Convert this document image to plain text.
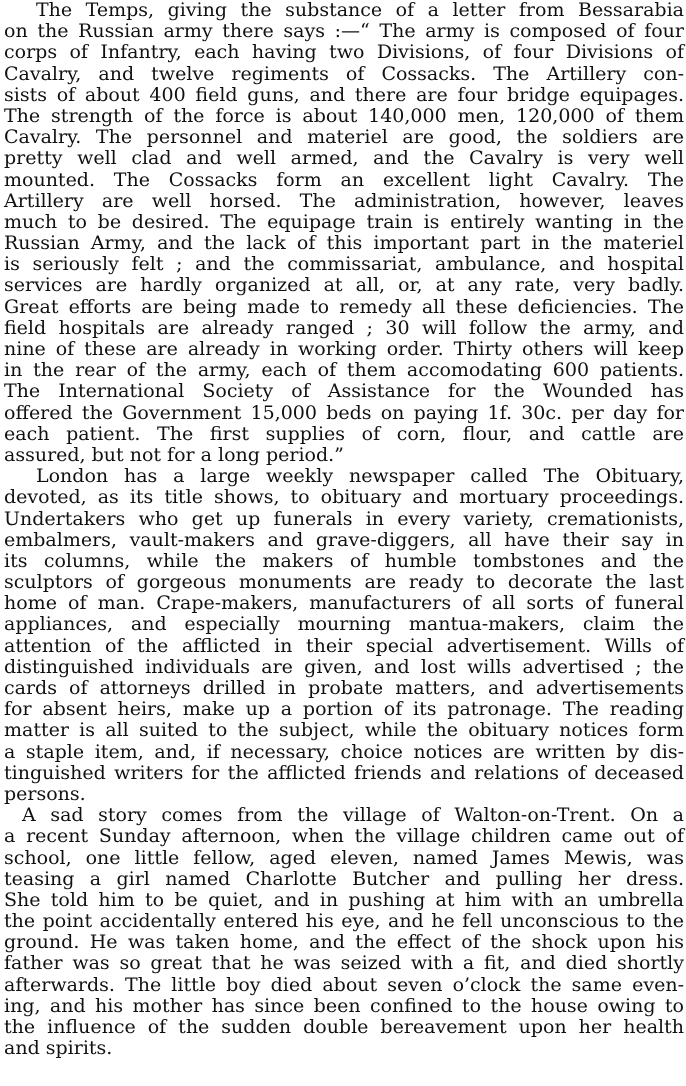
The Temps, giving the substance of a letter from Bessarabia
on the Russian army there says :—“ The army is composed of four
corps of Infantry, each having two Divisions, of four Divisions of
Cavalry, and twelve regiments of Cossacks. The Artillery con-
sists of about 400 field guns, and there are four bridge equipages.
The strength of the force is about 140,000 men, 120,000 of them
Cavalry. The personnel and materiel are good, the soldiers are
pretty well clad and well armed, and the Cavalry is very well
mounted. The Cossacks form an excellent light Cavalry. The
Artillery are well horsed. The administration, however, leaves
much to be desired. The equipage train is entirely wanting in the
Russian Army, and the lack of this important part in the materiel
is seriously felt ; and the commissariat, ambulance, and hospital
services are hardly organized at all, or, at any rate, very badly.
Great efforts are being made to remedy all these deficiencies. The
field hospitals are already ranged ; 30 will follow the army, and
nine of these are already in working order. Thirty others will keep
in the rear of the army, each of them accomodating 600 patients.
The International Society of Assistance for the Wounded has
offered the Government 15,000 beds on paying 1f. 30c. per day for
each patient. The first supplies of corn, flour, and cattle are
assured, but not for a long period.”
London has a large weekly newspaper called The Obituary,
devoted, as its title shows, to obituary and mortuary proceedings.
Undertakers who get up funerals in every variety, cremationists,
embalmers, vault-makers and grave-diggers, all have their say in
its columns, while the makers of humble tombstones and the
sculptors of gorgeous monuments are ready to decorate the last
home of man. Crape-makers, manufacturers of all sorts of funeral
appliances, and especially mourning mantua-makers, claim the
attention of the afflicted in their special advertisement. Wills of
distinguished individuals are given, and lost wills advertised ; the
cards of attorneys drilled in probate matters, and advertisements
for absent heirs, make up a portion of its patronage. The reading
matter is all suited to the subject, while the obituary notices form
a staple item, and, if necessary, choice notices are written by dis-
tinguished writers for the afflicted friends and relations of deceased
persons.
A sad story comes from the village of Walton-on-Trent. On a
a recent Sunday afternoon, when the village children came out of
school, one little fellow, aged eleven, named James Mewis, was
teasing a girl named Charlotte Butcher and pulling her dress.
She told him to be quiet, and in pushing at him with an umbrella
the point accidentally entered his eye, and he fell unconscious to the
ground. He was taken home, and the effect of the shock upon his
father was so great that he was seized with a fit, and died shortly
afterwards. The little boy died about seven o’clock the same even-
ing, and his mother has since been confined to the house owing to
the influence of the sudden double bereavement upon her health
and spirits.
